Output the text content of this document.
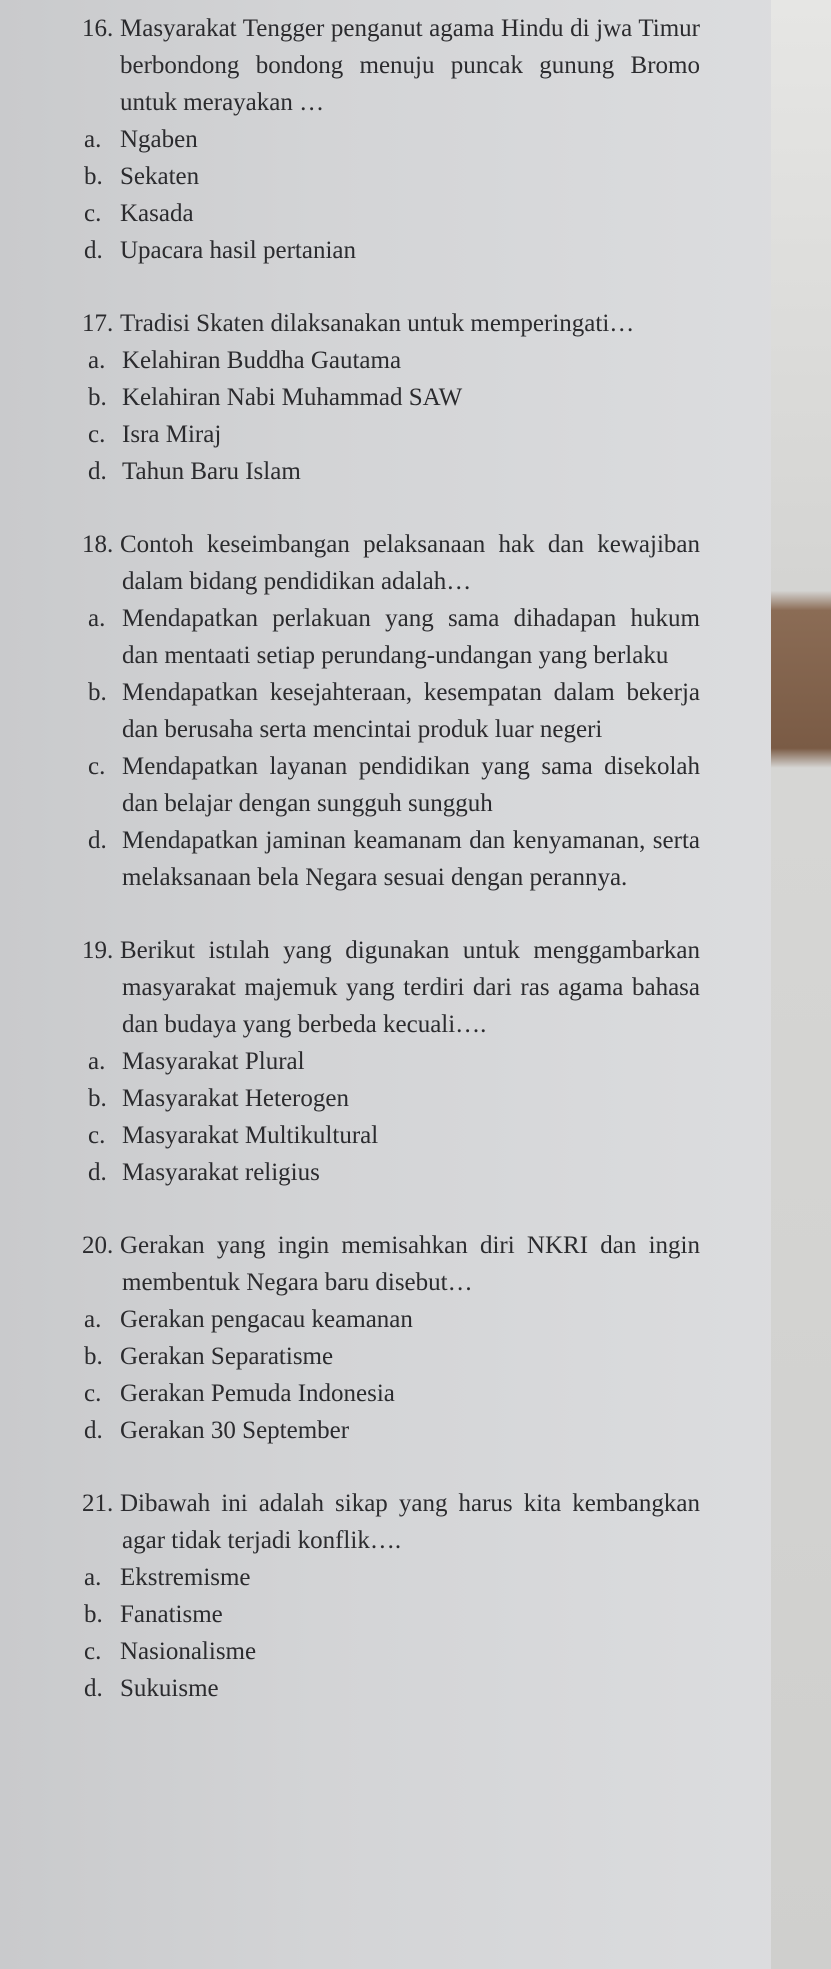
16. Masyarakat Tengger penganut agama Hindu di jwa Timur berbondong bondong menuju puncak gunung Bromo untuk merayakan …
a. Ngaben
b. Sekaten
c. Kasada
d. Upacara hasil pertanian
17. Tradisi Skaten dilaksanakan untuk memperingati…
a. Kelahiran Buddha Gautama
b. Kelahiran Nabi Muhammad SAW
c. Isra Miraj
d. Tahun Baru Islam
18. Contoh keseimbangan pelaksanaan hak dan kewajiban dalam bidang pendidikan adalah…
a. Mendapatkan perlakuan yang sama dihadapan hukum dan mentaati setiap perundang-undangan yang berlaku
b. Mendapatkan kesejahteraan, kesempatan dalam bekerja dan berusaha serta mencintai produk luar negeri
c. Mendapatkan layanan pendidikan yang sama disekolah dan belajar dengan sungguh sungguh
d. Mendapatkan jaminan keamanam dan kenyamanan, serta melaksanaan bela Negara sesuai dengan perannya.
19. Berikut istılah yang digunakan untuk menggambarkan masyarakat majemuk yang terdiri dari ras agama bahasa dan budaya yang berbeda kecuali….
a. Masyarakat Plural
b. Masyarakat Heterogen
c. Masyarakat Multikultural
d. Masyarakat religius
20. Gerakan yang ingin memisahkan diri NKRI dan ingin membentuk Negara baru disebut…
a. Gerakan pengacau keamanan
b. Gerakan Separatisme
c. Gerakan Pemuda Indonesia
d. Gerakan 30 September
21. Dibawah ini adalah sikap yang harus kita kembangkan agar tidak terjadi konflik….
a. Ekstremisme
b. Fanatisme
c. Nasionalisme
d. Sukuisme
